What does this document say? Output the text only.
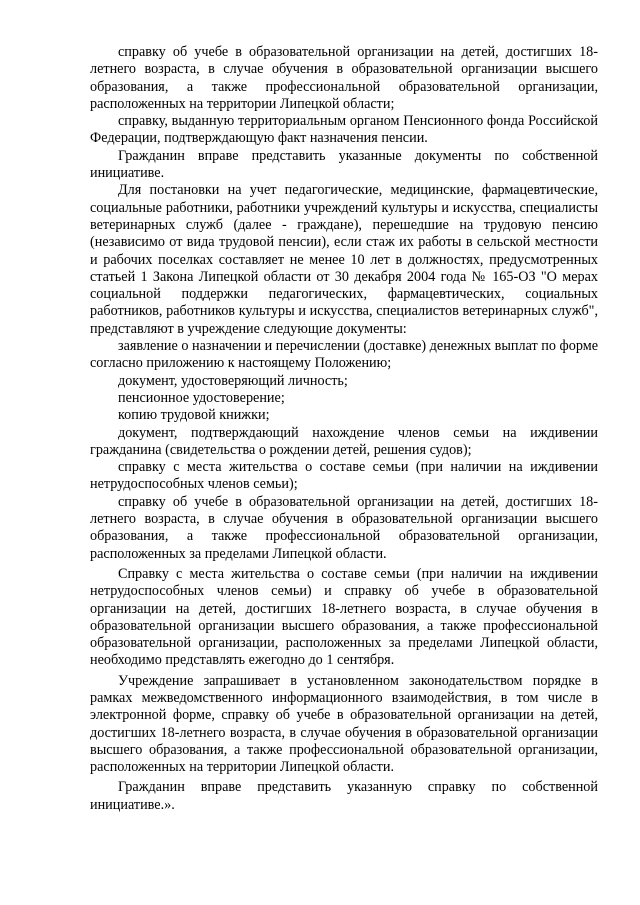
справку об учебе в образовательной организации на детей, достигших 18-летнего возраста, в случае обучения в образовательной организации высшего образования, а также профессиональной образовательной организации, расположенных на территории Липецкой области;

справку, выданную территориальным органом Пенсионного фонда Российской Федерации, подтверждающую факт назначения пенсии.

Гражданин вправе представить указанные документы по собственной инициативе.

Для постановки на учет педагогические, медицинские, фармацевтические, социальные работники, работники учреждений культуры и искусства, специалисты ветеринарных служб (далее - граждане), перешедшие на трудовую пенсию (независимо от вида трудовой пенсии), если стаж их работы в сельской местности и рабочих поселках составляет не менее 10 лет в должностях, предусмотренных статьей 1 Закона Липецкой области от 30 декабря 2004 года № 165-ОЗ "О мерах социальной поддержки педагогических, фармацевтических, социальных работников, работников культуры и искусства, специалистов ветеринарных служб", представляют в учреждение следующие документы:

заявление о назначении и перечислении (доставке) денежных выплат по форме согласно приложению к настоящему Положению;

документ, удостоверяющий личность;

пенсионное удостоверение;

копию трудовой книжки;

документ, подтверждающий нахождение членов семьи на иждивении гражданина (свидетельства о рождении детей, решения судов);

справку с места жительства о составе семьи (при наличии на иждивении нетрудоспособных членов семьи);

справку об учебе в образовательной организации на детей, достигших 18-летнего возраста, в случае обучения в образовательной организации высшего образования, а также профессиональной образовательной организации, расположенных за пределами Липецкой области.

Справку с места жительства о составе семьи (при наличии на иждивении нетрудоспособных членов семьи) и справку об учебе в образовательной организации на детей, достигших 18-летнего возраста, в случае обучения в образовательной организации высшего образования, а также профессиональной образовательной организации, расположенных за пределами Липецкой области, необходимо представлять ежегодно до 1 сентября.

Учреждение запрашивает в установленном законодательством порядке в рамках межведомственного информационного взаимодействия, в том числе в электронной форме, справку об учебе в образовательной организации на детей, достигших 18-летнего возраста, в случае обучения в образовательной организации высшего образования, а также профессиональной образовательной организации, расположенных на территории Липецкой области.

Гражданин вправе представить указанную справку по собственной инициативе.».
